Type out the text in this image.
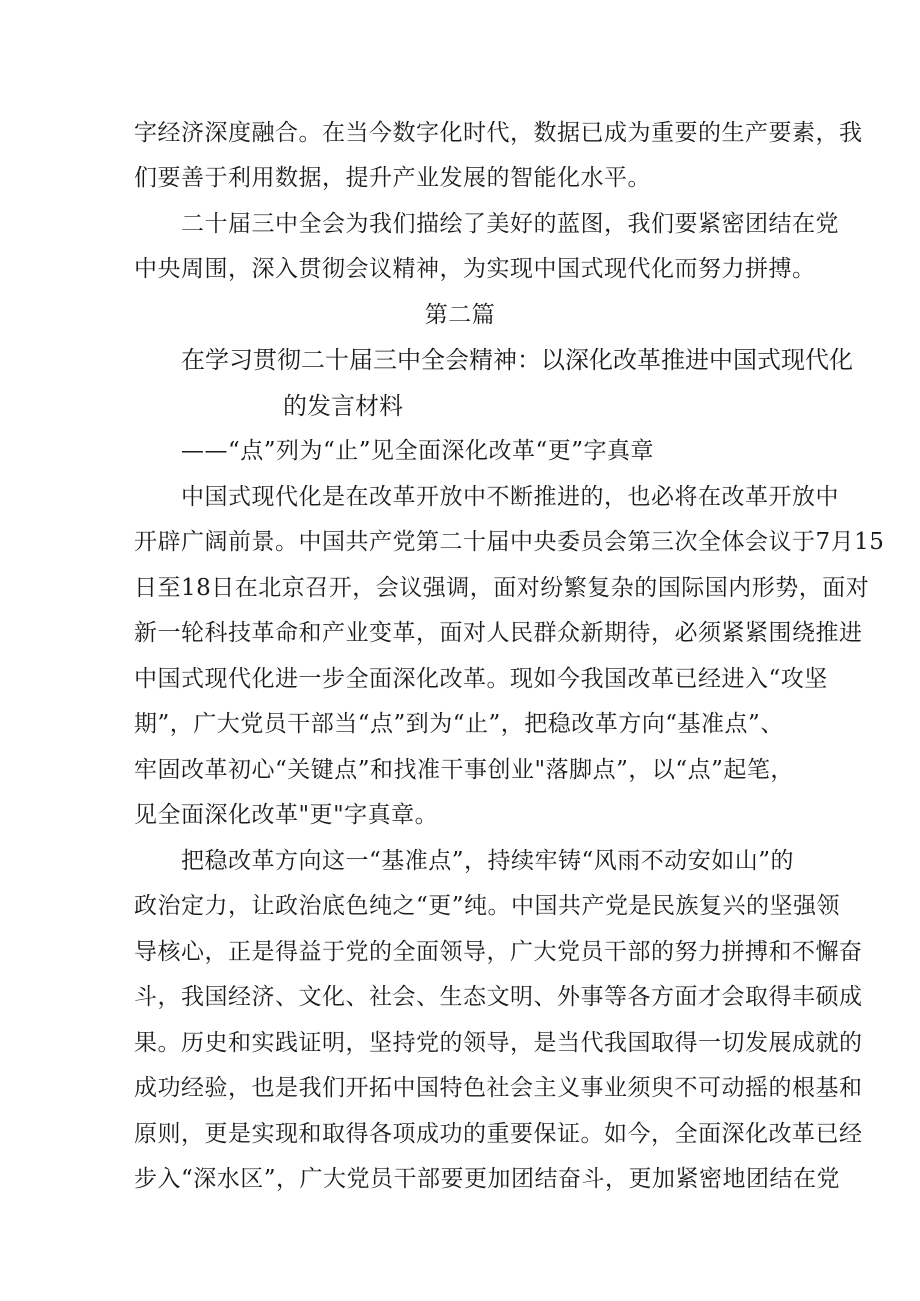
字经济深度融合。在当今数字化时代，数据已成为重要的生产要素，我
们要善于利用数据，提升产业发展的智能化水平。
二十届三中全会为我们描绘了美好的蓝图，我们要紧密团结在党
中央周围，深入贯彻会议精神，为实现中国式现代化而努力拼搏。
第二篇
在学习贯彻二十届三中全会精神：以深化改革推进中国式现代化
的发言材料
——“点”列为“止”见全面深化改革“更”字真章
中国式现代化是在改革开放中不断推进的，也必将在改革开放中
开辟广阔前景。中国共产党第二十届中央委员会第三次全体会议于7月15
日至18日在北京召开，会议强调，面对纷繁复杂的国际国内形势，面对
新一轮科技革命和产业变革，面对人民群众新期待，必须紧紧围绕推进
中国式现代化进一步全面深化改革。现如今我国改革已经进入“攻坚
期”，广大党员干部当“点”到为“止”，把稳改革方向“基准点”、
牢固改革初心“关键点”和找准干事创业"落脚点”，以“点”起笔，
见全面深化改革"更"字真章。
把稳改革方向这一“基准点”，持续牢铸“风雨不动安如山”的
政治定力，让政治底色纯之“更”纯。中国共产党是民族复兴的坚强领
导核心，正是得益于党的全面领导，广大党员干部的努力拼搏和不懈奋
斗，我国经济、文化、社会、生态文明、外事等各方面才会取得丰硕成
果。历史和实践证明，坚持党的领导，是当代我国取得一切发展成就的
成功经验，也是我们开拓中国特色社会主义事业须臾不可动摇的根基和
原则，更是实现和取得各项成功的重要保证。如今，全面深化改革已经
步入“深水区”，广大党员干部要更加团结奋斗，更加紧密地团结在党
